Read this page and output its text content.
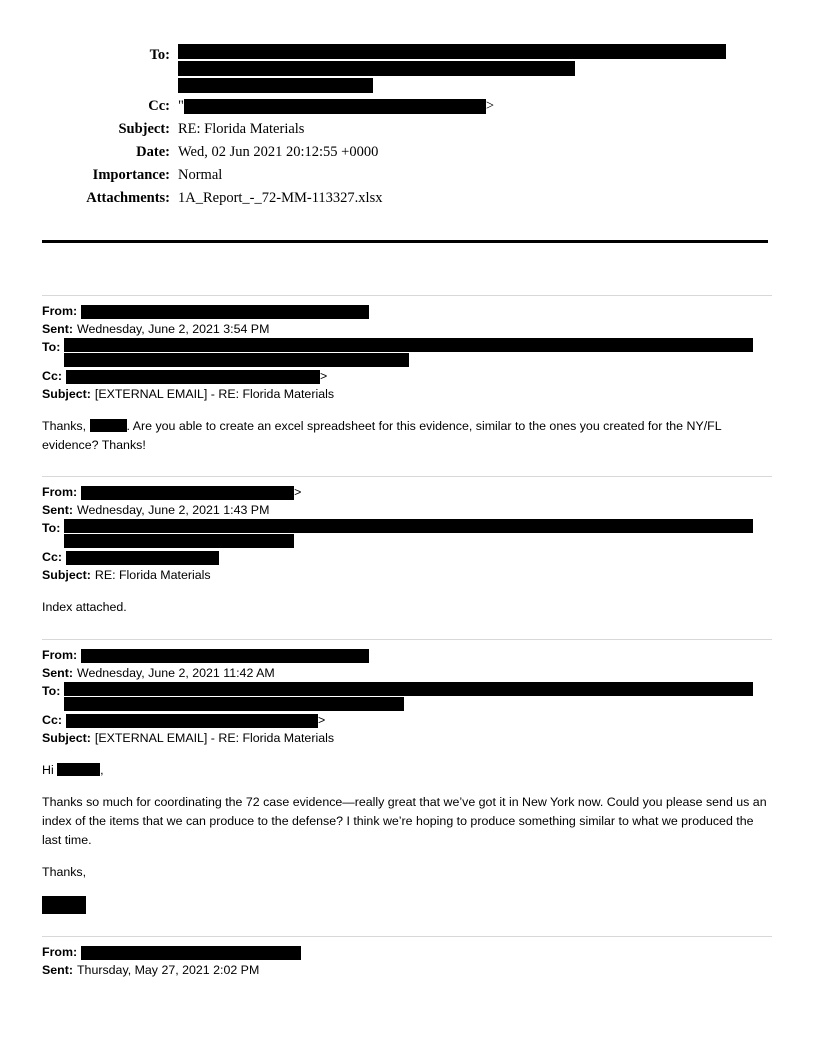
To:
Cc: "	>
Subject: RE: Florida Materials
Date: Wed, 02 Jun 2021 20:12:55 +0000
Importance: Normal
Attachments: 1A_Report_-_72-MM-113327.xlsx
From:
Sent: Wednesday, June 2, 2021 3:54 PM
To:
Cc:	>
Subject: [EXTERNAL EMAIL] - RE: Florida Materials
Thanks,	. Are you able to create an excel spreadsheet for this evidence, similar to the ones you created for the NY/FL evidence? Thanks!
From:	>
Sent: Wednesday, June 2, 2021 1:43 PM
To:
Cc:
Subject: RE: Florida Materials
Index attached.
From:
Sent: Wednesday, June 2, 2021 11:42 AM
To:
Cc:	>
Subject: [EXTERNAL EMAIL] - RE: Florida Materials
Hi	,
Thanks so much for coordinating the 72 case evidence—really great that we’ve got it in New York now. Could you please send us an index of the items that we can produce to the defense? I think we’re hoping to produce something similar to what we produced the last time.
Thanks,
From:
Sent: Thursday, May 27, 2021 2:02 PM
